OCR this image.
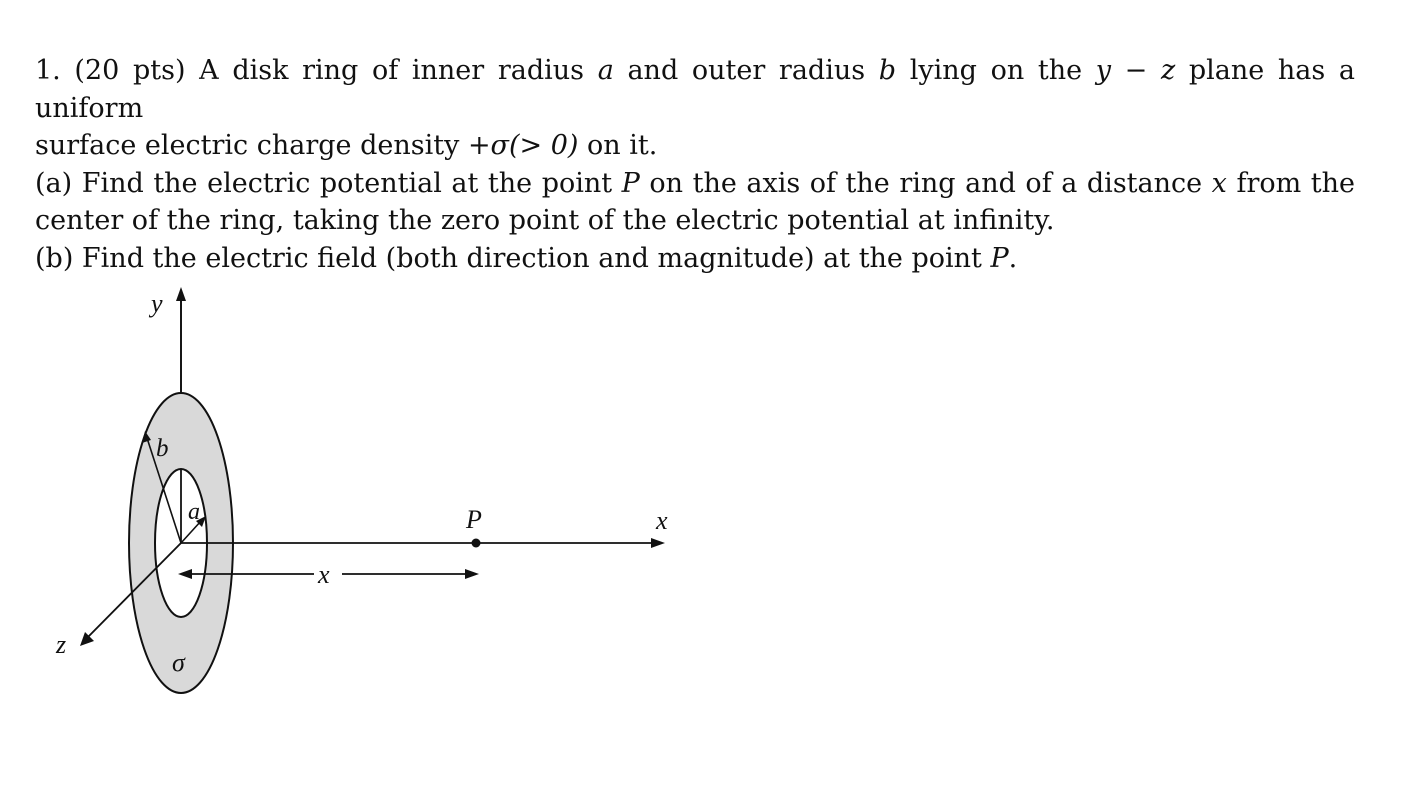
1. (20 pts) A disk ring of inner radius a and outer radius b lying on the y − z plane has a uniform
surface electric charge density +σ(> 0) on it.
(a) Find the electric potential at the point P on the axis of the ring and of a distance x from the
center of the ring, taking the zero point of the electric potential at infinity.
(b) Find the electric field (both direction and magnitude) at the point P.
y
x
z
P
b
a
x
σ
